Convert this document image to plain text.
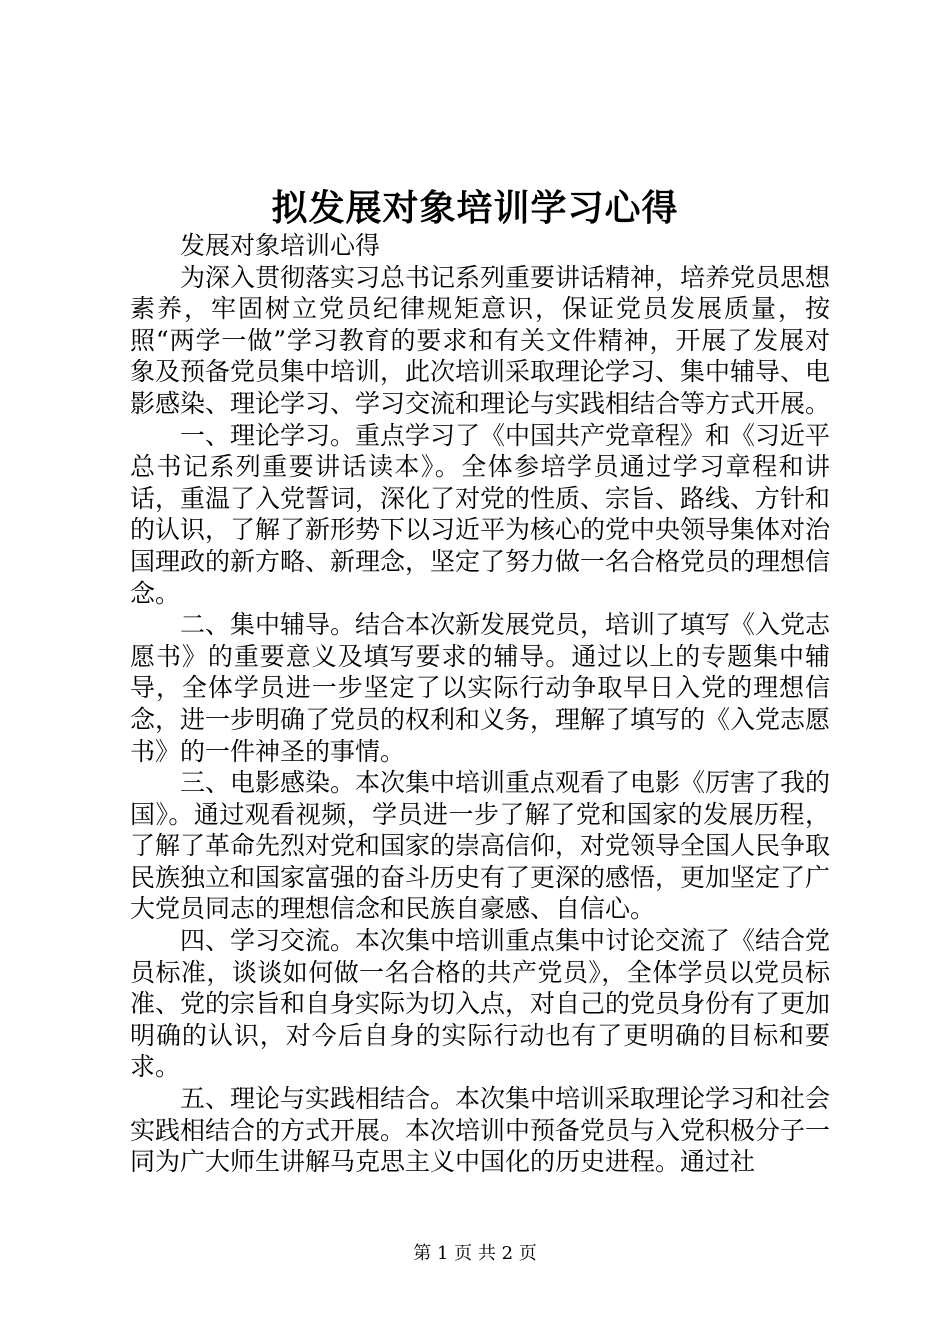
拟发展对象培训学习心得

发展对象培训心得

为深入贯彻落实习总书记系列重要讲话精神，培养党员思想素养，牢固树立党员纪律规矩意识，保证党员发展质量，按照“两学一做”学习教育的要求和有关文件精神，开展了发展对象及预备党员集中培训，此次培训采取理论学习、集中辅导、电影感染、理论学习、学习交流和理论与实践相结合等方式开展。

一、理论学习。重点学习了《中国共产党章程》和《习近平总书记系列重要讲话读本》。全体参培学员通过学习章程和讲话，重温了入党誓词，深化了对党的性质、宗旨、路线、方针和的认识，了解了新形势下以习近平为核心的党中央领导集体对治国理政的新方略、新理念，坚定了努力做一名合格党员的理想信念。

二、集中辅导。结合本次新发展党员，培训了填写《入党志愿书》的重要意义及填写要求的辅导。通过以上的专题集中辅导，全体学员进一步坚定了以实际行动争取早日入党的理想信念，进一步明确了党员的权利和义务，理解了填写的《入党志愿书》的一件神圣的事情。

三、电影感染。本次集中培训重点观看了电影《厉害了我的国》。通过观看视频，学员进一步了解了党和国家的发展历程，了解了革命先烈对党和国家的崇高信仰，对党领导全国人民争取民族独立和国家富强的奋斗历史有了更深的感悟，更加坚定了广大党员同志的理想信念和民族自豪感、自信心。

四、学习交流。本次集中培训重点集中讨论交流了《结合党员标准，谈谈如何做一名合格的共产党员》，全体学员以党员标准、党的宗旨和自身实际为切入点，对自己的党员身份有了更加明确的认识，对今后自身的实际行动也有了更明确的目标和要求。

五、理论与实践相结合。本次集中培训采取理论学习和社会实践相结合的方式开展。本次培训中预备党员与入党积极分子一同为广大师生讲解马克思主义中国化的历史进程。通过社

第 1 页 共 2 页
